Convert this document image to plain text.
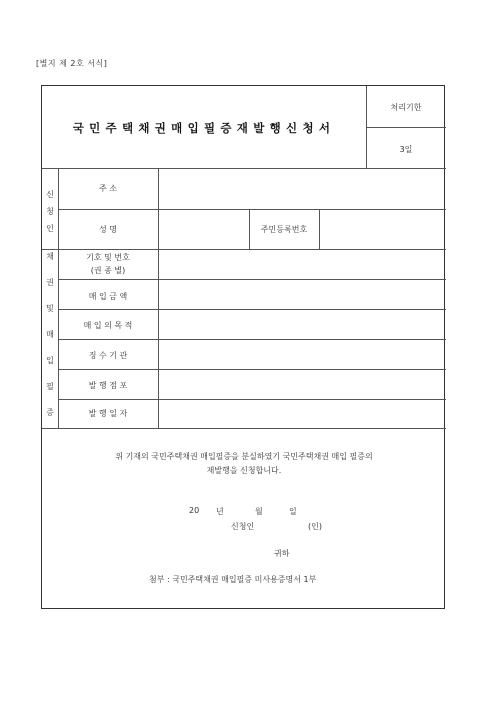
[별지 제 2호 서식]
국민주택채권매입필증재발행신청서
처리기한
3일
신
청
인
주 소
성 명	주민등록번호
채
권
및
매
입
필
증
기호 및 번호
(권 종 별)
매 입 금 액
매 입 의 목 적
징 수 기 관
발 행 점 포
발 행 일 자
위 기재의 국민주택채권 매입필증을 분실하였기 국민주택채권 매입 필증의
재발행을 신청합니다.
20 년	월	일
신청인	(인)
귀하
첨부 : 국민주택채권 매입필증 미사용증명서 1부
